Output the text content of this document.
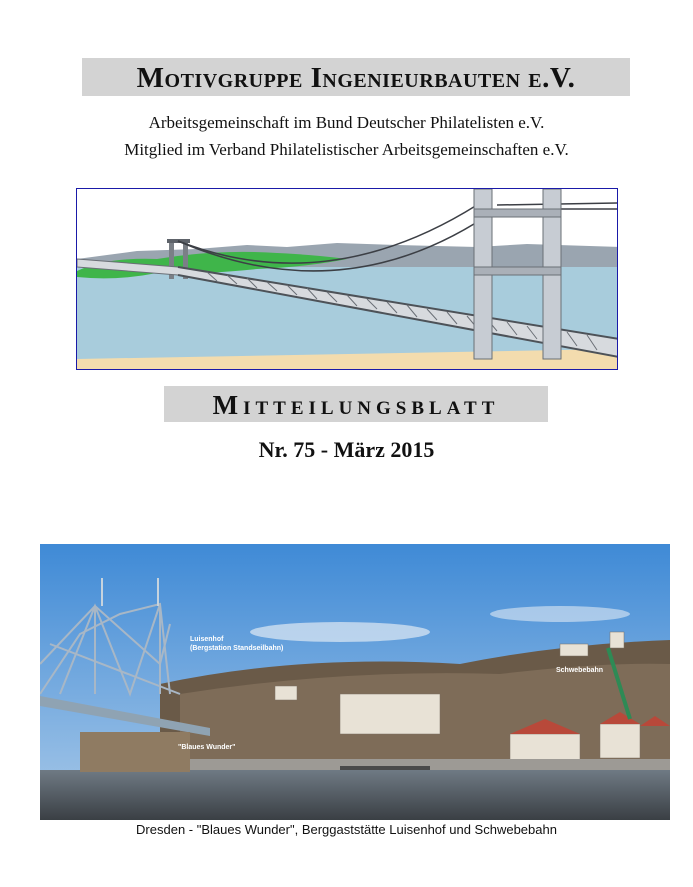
Motivgruppe Ingenieurbauten e.V.
Arbeitsgemeinschaft im Bund Deutscher Philatelisten e.V.
Mitglied im Verband Philatelistischer Arbeitsgemeinschaften e.V.
Mitteilungsblatt
Nr. 75 - März 2015
Luisenhof
(Bergstation Standseilbahn)
Schwebebahn
"Blaues Wunder"
Dresden - "Blaues Wunder", Berggaststätte Luisenhof und Schwebebahn
